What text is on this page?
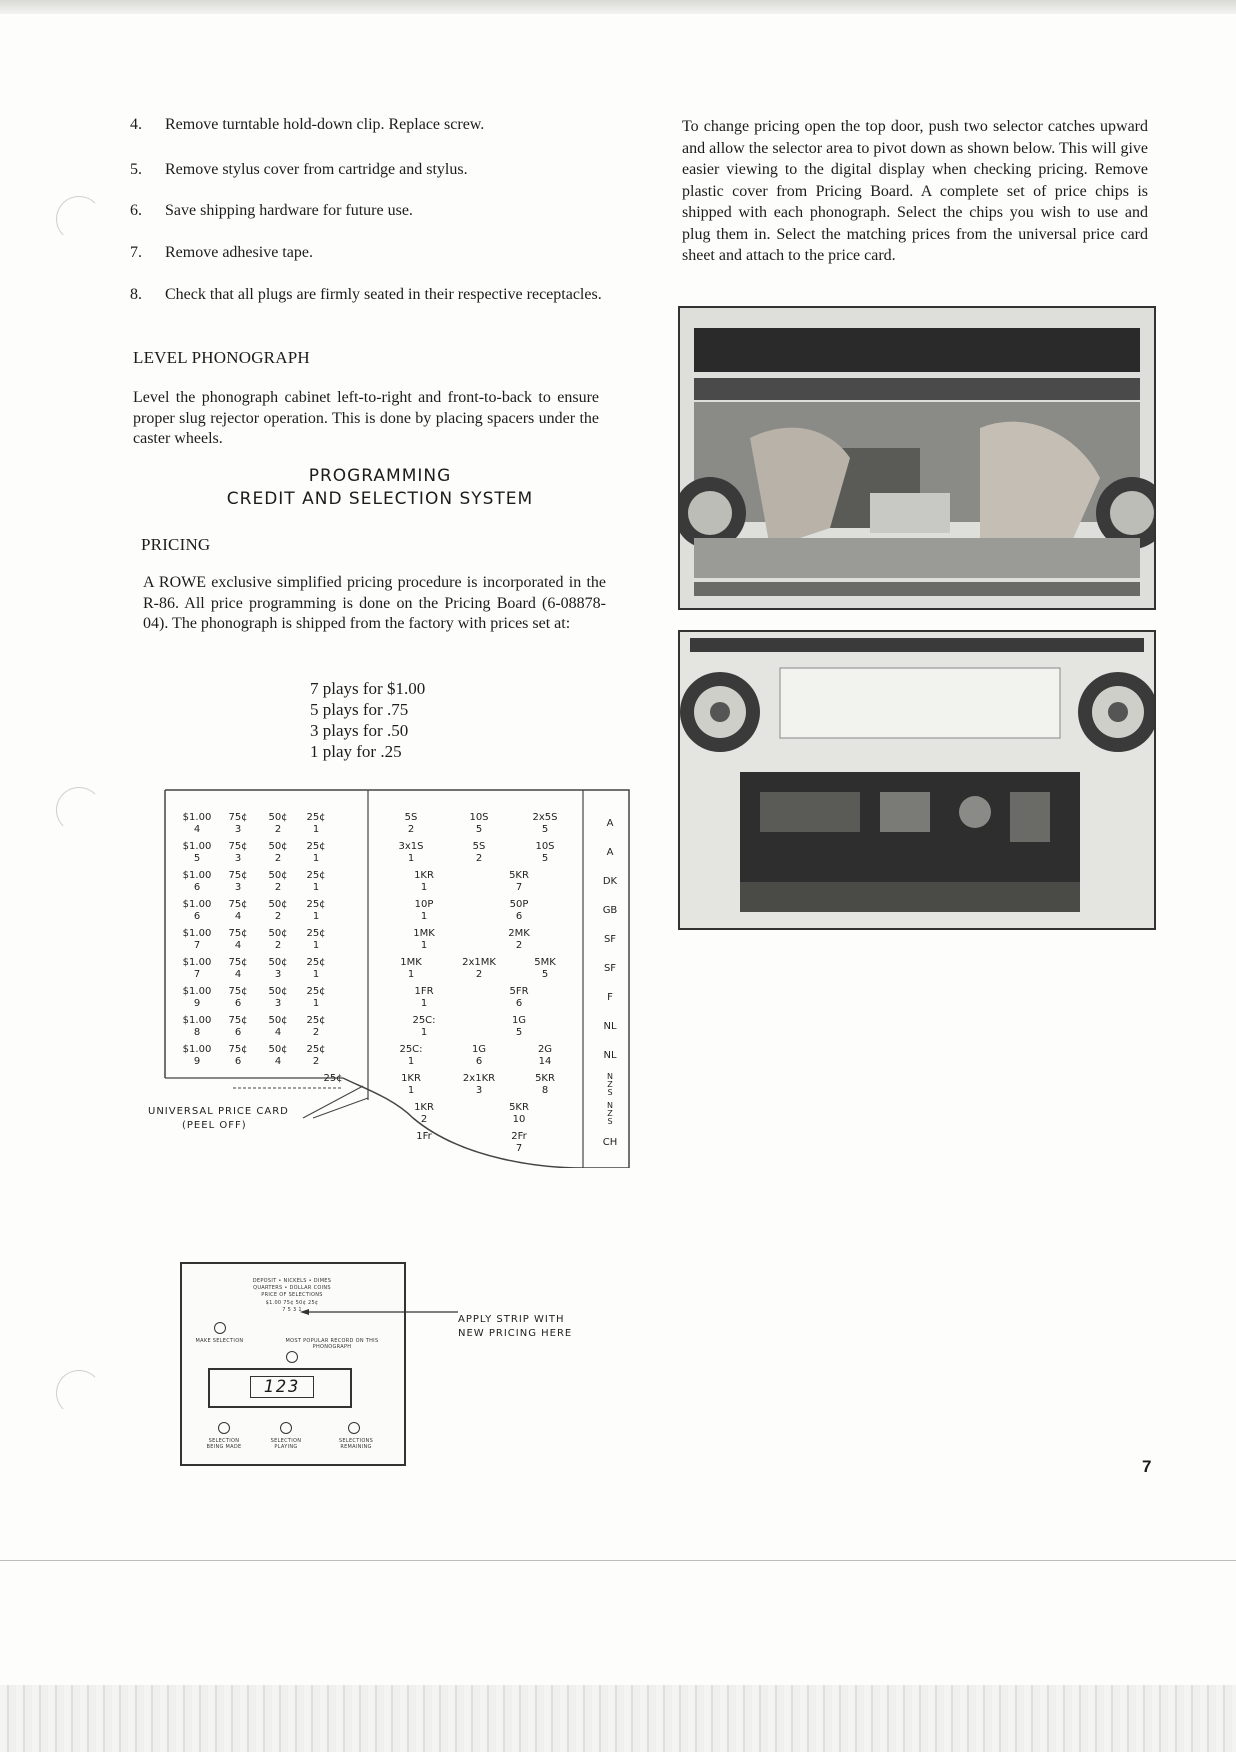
4. Remove turntable hold-down clip. Replace screw.
5. Remove stylus cover from cartridge and stylus.
6. Save shipping hardware for future use.
7. Remove adhesive tape.
8. Check that all plugs are firmly seated in their respective receptacles.
LEVEL PHONOGRAPH
Level the phonograph cabinet left-to-right and front-to-back to ensure proper slug rejector operation. This is done by placing spacers under the caster wheels.
PROGRAMMING
CREDIT AND SELECTION SYSTEM
PRICING
A ROWE exclusive simplified pricing procedure is incorporated in the R-86. All price programming is done on the Pricing Board (6-08878-04). The phonograph is shipped from the factory with prices set at:
7 plays for $1.00
5 plays for .75
3 plays for .50
1 play for .25
$1.00
4
75¢
3
50¢
2
25¢
1
$1.00
5
75¢
3
50¢
2
25¢
1
$1.00
6
75¢
3
50¢
2
25¢
1
$1.00
6
75¢
4
50¢
2
25¢
1
$1.00
7
75¢
4
50¢
2
25¢
1
$1.00
7
75¢
4
50¢
3
25¢
1
$1.00
9
75¢
6
50¢
3
25¢
1
$1.00
8
75¢
6
50¢
4
25¢
2
$1.00
9
75¢
6
50¢
4
25¢
2
5S
2
10S
5
2x5S
5
3x1S
1
5S
2
10S
5
1KR
1
5KR
7
10P
1
50P
6
1MK
1
2MK
2
1MK
1
2x1MK
2
5MK
5
1FR
1
5FR
6
25C:
1
1G
5
25C:
1
1G
6
2G
14
1KR
1
2x1KR
3
5KR
8
1KR
2
5KR
10
1Fr	2Fr
7
A
A
DK
GB
SF
SF
F
NL
NL
N
Z
S
N
Z
S
CH
25¢
UNIVERSAL PRICE CARD
(PEEL OFF)
DEPOSIT • NICKELS • DIMES
QUARTERS • DOLLAR COINS
PRICE OF SELECTIONS
$1.00 75¢ 50¢ 25¢
7 5 3 1
MAKE SELECTION	MOST POPULAR RECORD ON THIS PHONOGRAPH
123
SELECTION BEING MADE
SELECTION PLAYING
SELECTIONS REMAINING
APPLY STRIP WITH
NEW PRICING HERE
To change pricing open the top door, push two selector catches upward and allow the selector area to pivot down as shown below. This will give easier viewing to the digital display when checking pricing. Remove plastic cover from Pricing Board. A complete set of price chips is shipped with each phonograph. Select the chips you wish to use and plug them in. Select the matching prices from the universal price card sheet and attach to the price card.
7
